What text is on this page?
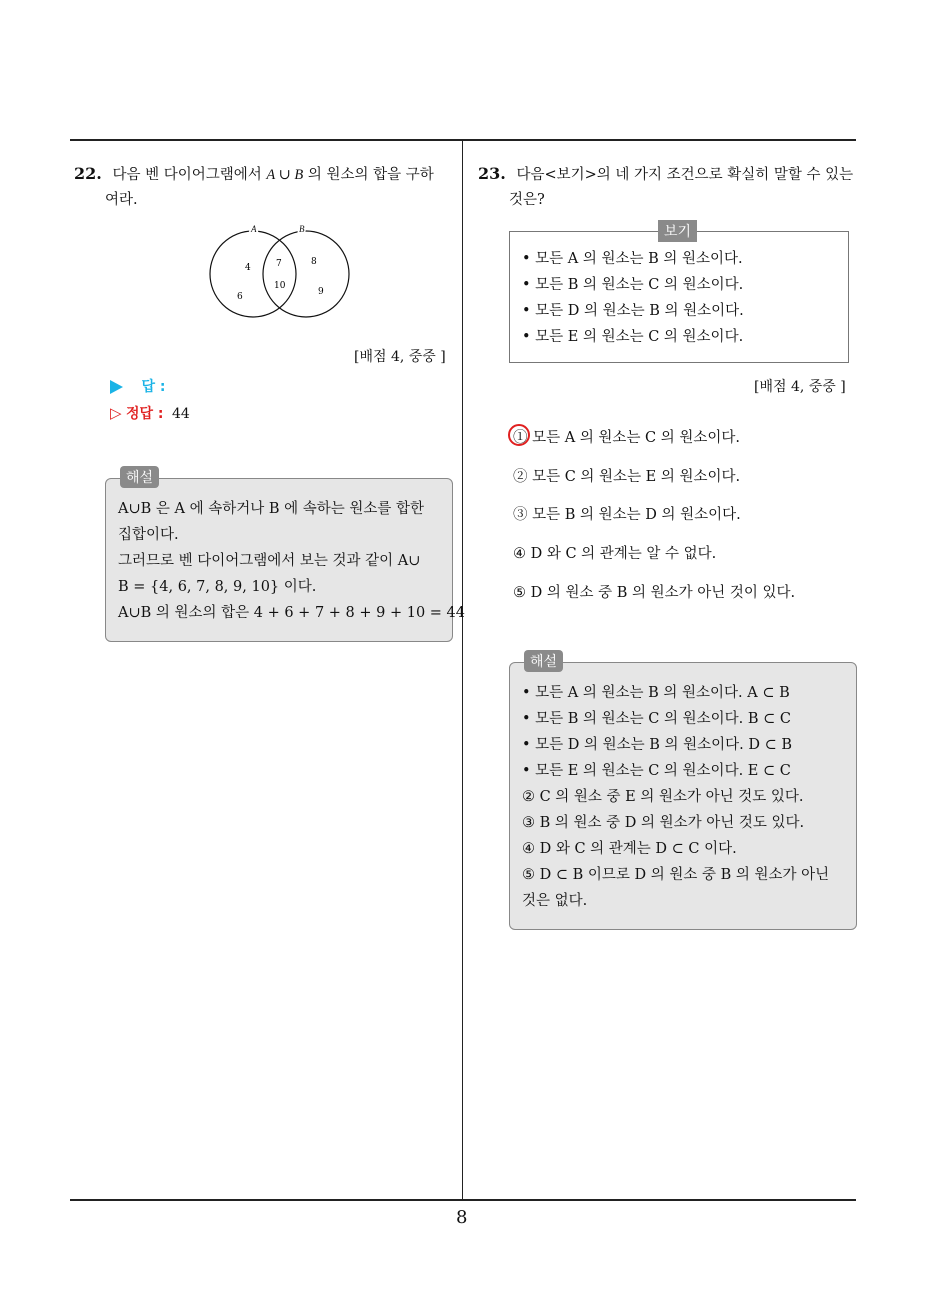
22. 다음 벤 다이어그램에서 A ∪ B 의 원소의 합을 구하
여라.
A	B
4
6
7
10
8
9
[배점 4, 중중 ]
답 :
▷ 정답 : 44
해설
A∪B 은 A 에 속하거나 B 에 속하는 원소를 합한
집합이다.
그러므로 벤 다이어그램에서 보는 것과 같이 A∪
B = {4, 6, 7, 8, 9, 10} 이다.
A∪B 의 원소의 합은 4 + 6 + 7 + 8 + 9 + 10 = 44
23. 다음<보기>의 네 가지 조건으로 확실히 말할 수 있는
것은?
보기
• 모든 A 의 원소는 B 의 원소이다.
• 모든 B 의 원소는 C 의 원소이다.
• 모든 D 의 원소는 B 의 원소이다.
• 모든 E 의 원소는 C 의 원소이다.
[배점 4, 중중 ]
① 모든 A 의 원소는 C 의 원소이다.
② 모든 C 의 원소는 E 의 원소이다.
③ 모든 B 의 원소는 D 의 원소이다.
④ D 와 C 의 관계는 알 수 없다.
⑤ D 의 원소 중 B 의 원소가 아닌 것이 있다.
해설
• 모든 A 의 원소는 B 의 원소이다. A ⊂ B
• 모든 B 의 원소는 C 의 원소이다. B ⊂ C
• 모든 D 의 원소는 B 의 원소이다. D ⊂ B
• 모든 E 의 원소는 C 의 원소이다. E ⊂ C
② C 의 원소 중 E 의 원소가 아닌 것도 있다.
③ B 의 원소 중 D 의 원소가 아닌 것도 있다.
④ D 와 C 의 관계는 D ⊂ C 이다.
⑤ D ⊂ B 이므로 D 의 원소 중 B 의 원소가 아닌
것은 없다.
8
